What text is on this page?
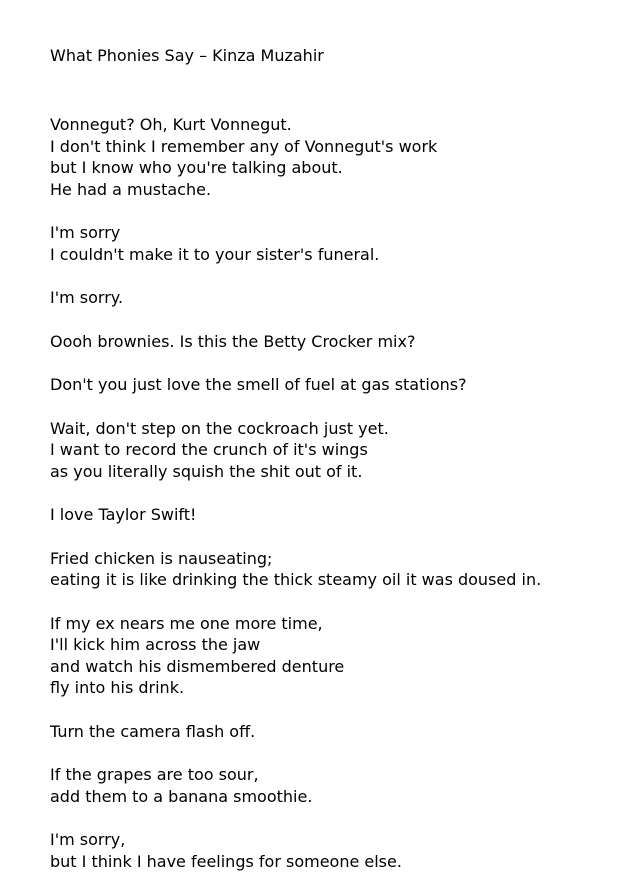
What Phonies Say – Kinza Muzahir
Vonnegut? Oh, Kurt Vonnegut.
I don't think I remember any of Vonnegut's work
but I know who you're talking about.
He had a mustache.
I'm sorry
I couldn't make it to your sister's funeral.
I'm sorry.
Oooh brownies. Is this the Betty Crocker mix?
Don't you just love the smell of fuel at gas stations?
Wait, don't step on the cockroach just yet.
I want to record the crunch of it's wings
as you literally squish the shit out of it.
I love Taylor Swift!
Fried chicken is nauseating;
eating it is like drinking the thick steamy oil it was doused in.
If my ex nears me one more time,
I'll kick him across the jaw
and watch his dismembered denture
fly into his drink.
Turn the camera flash off.
If the grapes are too sour,
add them to a banana smoothie.
I'm sorry,
but I think I have feelings for someone else.
